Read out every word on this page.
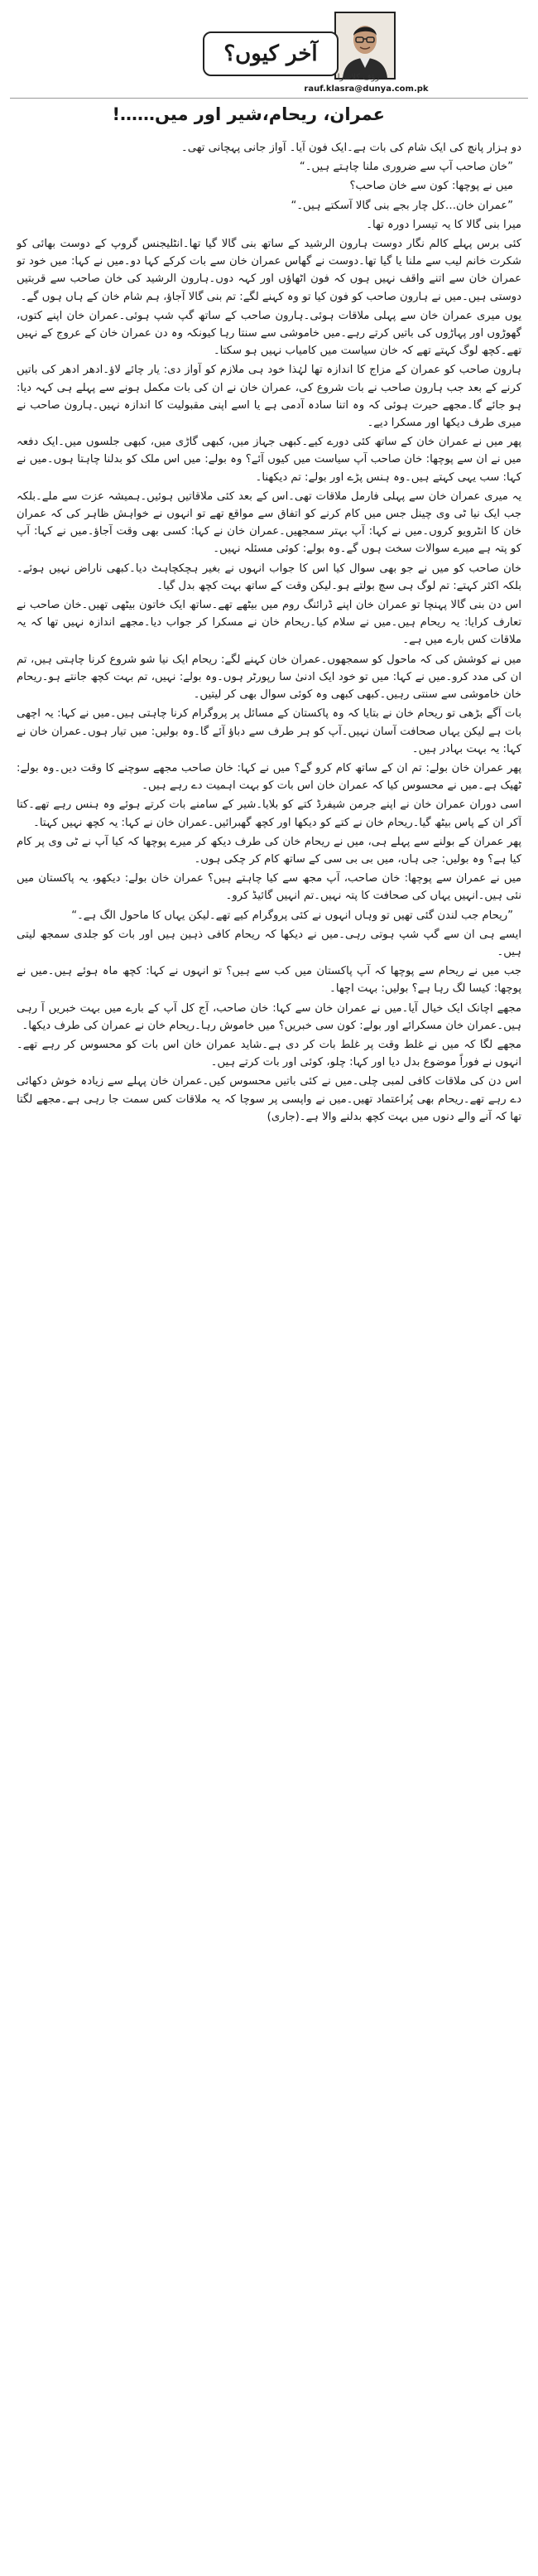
آخر کیوں؟
رؤف کلاسرا
rauf.klasra@dunya.com.pk
عمران، ریحام،شیر اور میں……!

دو ہزار پانچ کی ایک شام کی بات ہے۔ایک فون آیا۔ آواز جانی پہچانی تھی۔

”خان صاحب آپ سے ضروری ملنا چاہتے ہیں۔“

میں نے پوچھا: کون سے خان صاحب؟

”عمران خان…کل چار بجے بنی گالا آسکتے ہیں۔“

میرا بنی گالا کا یہ تیسرا دورہ تھا۔

کئی برس پہلے کالم نگار دوست ہارون الرشید کے ساتھ بنی گالا گیا تھا۔انٹلیجنس گروپ کے دوست بھائی کو شکرت خانم لیب سے ملنا یا گیا تھا۔دوست نے گھاس عمران خان سے بات کرکے کہا دو۔میں نے کہا: میں خود تو عمران خان سے اتنے واقف نہیں ہوں کہ فون اٹھاؤں اور کہہ دوں۔ہارون الرشید کی خان صاحب سے قربتیں دوستی ہیں۔میں نے ہارون صاحب کو فون کیا تو وہ کہنے لگے: تم بنی گالا آجاؤ، ہم شام خان کے ہاں ہوں گے۔

یوں میری عمران خان سے پہلی ملاقات ہوئی۔ہارون صاحب کے ساتھ گپ شپ ہوئی۔عمران خان اپنے کتوں، گھوڑوں اور پہاڑوں کی باتیں کرتے رہے۔میں خاموشی سے سنتا رہا کیونکہ وہ دن عمران خان کے عروج کے نہیں تھے۔کچھ لوگ کہتے تھے کہ خان سیاست میں کامیاب نہیں ہو سکتا۔

ہارون صاحب کو عمران کے مزاج کا اندازہ تھا لہٰذا خود ہی ملازم کو آواز دی: یار چائے لاؤ۔ادھر ادھر کی باتیں کرنے کے بعد جب ہارون صاحب نے بات شروع کی، عمران خان نے ان کی بات مکمل ہونے سے پہلے ہی کہہ دیا: ہو جائے گا۔مجھے حیرت ہوئی کہ وہ اتنا سادہ آدمی ہے یا اسے اپنی مقبولیت کا اندازہ نہیں۔ہارون صاحب نے میری طرف دیکھا اور مسکرا دیے۔

پھر میں نے عمران خان کے ساتھ کئی دورے کیے۔کبھی جہاز میں، کبھی گاڑی میں، کبھی جلسوں میں۔ایک دفعہ میں نے ان سے پوچھا: خان صاحب آپ سیاست میں کیوں آئے؟ وہ بولے: میں اس ملک کو بدلنا چاہتا ہوں۔میں نے کہا: سب یہی کہتے ہیں۔وہ ہنس پڑے اور بولے: تم دیکھنا۔

یہ میری عمران خان سے پہلی فارمل ملاقات تھی۔اس کے بعد کئی ملاقاتیں ہوئیں۔ہمیشہ عزت سے ملے۔بلکہ جب ایک نیا ٹی وی چینل جس میں کام کرنے کو اتفاق سے مواقع تھے تو انہوں نے خواہش ظاہر کی کہ عمران خان کا انٹرویو کروں۔میں نے کہا: آپ بہتر سمجھیں۔عمران خان نے کہا: کسی بھی وقت آجاؤ۔میں نے کہا: آپ کو پتہ ہے میرے سوالات سخت ہوں گے۔وہ بولے: کوئی مسئلہ نہیں۔

خان صاحب کو میں نے جو بھی سوال کیا اس کا جواب انہوں نے بغیر ہچکچاہٹ دیا۔کبھی ناراض نہیں ہوئے۔بلکہ اکثر کہتے: تم لوگ ہی سچ بولتے ہو۔لیکن وقت کے ساتھ بہت کچھ بدل گیا۔

اس دن بنی گالا پہنچا تو عمران خان اپنے ڈرائنگ روم میں بیٹھے تھے۔ساتھ ایک خاتون بیٹھی تھیں۔خان صاحب نے تعارف کرایا: یہ ریحام ہیں۔میں نے سلام کیا۔ریحام خان نے مسکرا کر جواب دیا۔مجھے اندازہ نہیں تھا کہ یہ ملاقات کس بارے میں ہے۔

میں نے کوشش کی کہ ماحول کو سمجھوں۔عمران خان کہنے لگے: ریحام ایک نیا شو شروع کرنا چاہتی ہیں، تم ان کی مدد کرو۔میں نے کہا: میں تو خود ایک ادنیٰ سا رپورٹر ہوں۔وہ بولے: نہیں، تم بہت کچھ جانتے ہو۔ریحام خان خاموشی سے سنتی رہیں۔کبھی کبھی وہ کوئی سوال بھی کر لیتیں۔

بات آگے بڑھی تو ریحام خان نے بتایا کہ وہ پاکستان کے مسائل پر پروگرام کرنا چاہتی ہیں۔میں نے کہا: یہ اچھی بات ہے لیکن یہاں صحافت آسان نہیں۔آپ کو ہر طرف سے دباؤ آئے گا۔وہ بولیں: میں تیار ہوں۔عمران خان نے کہا: یہ بہت بہادر ہیں۔

پھر عمران خان بولے: تم ان کے ساتھ کام کرو گے؟ میں نے کہا: خان صاحب مجھے سوچنے کا وقت دیں۔وہ بولے: ٹھیک ہے۔میں نے محسوس کیا کہ عمران خان اس بات کو بہت اہمیت دے رہے ہیں۔

اسی دوران عمران خان نے اپنے جرمن شیفرڈ کتے کو بلایا۔شیر کے سامنے بات کرتے ہوئے وہ ہنس رہے تھے۔کتا آکر ان کے پاس بیٹھ گیا۔ریحام خان نے کتے کو دیکھا اور کچھ گھبرائیں۔عمران خان نے کہا: یہ کچھ نہیں کہتا۔

پھر عمران کے بولنے سے پہلے ہی، میں نے ریحام خان کی طرف دیکھ کر میرے پوچھا کہ کیا آپ نے ٹی وی پر کام کیا ہے؟ وہ بولیں: جی ہاں، میں بی بی سی کے ساتھ کام کر چکی ہوں۔

میں نے عمران سے پوچھا: خان صاحب، آپ مجھ سے کیا چاہتے ہیں؟ عمران خان بولے: دیکھو، یہ پاکستان میں نئی ہیں۔انہیں یہاں کی صحافت کا پتہ نہیں۔تم انہیں گائیڈ کرو۔

”ریحام جب لندن گئی تھیں تو وہاں انہوں نے کئی پروگرام کیے تھے۔لیکن یہاں کا ماحول الگ ہے۔“

ایسے ہی ان سے گپ شپ ہوتی رہی۔میں نے دیکھا کہ ریحام کافی ذہین ہیں اور بات کو جلدی سمجھ لیتی ہیں۔

جب میں نے ریحام سے پوچھا کہ آپ پاکستان میں کب سے ہیں؟ تو انہوں نے کہا: کچھ ماہ ہوئے ہیں۔میں نے پوچھا: کیسا لگ رہا ہے؟ بولیں: بہت اچھا۔

مجھے اچانک ایک خیال آیا۔میں نے عمران خان سے کہا: خان صاحب، آج کل آپ کے بارے میں بہت خبریں آ رہی ہیں۔عمران خان مسکرائے اور بولے: کون سی خبریں؟ میں خاموش رہا۔ریحام خان نے عمران کی طرف دیکھا۔

مجھے لگا کہ میں نے غلط وقت پر غلط بات کر دی ہے۔شاید عمران خان اس بات کو محسوس کر رہے تھے۔انہوں نے فوراً موضوع بدل دیا اور کہا: چلو، کوئی اور بات کرتے ہیں۔

اس دن کی ملاقات کافی لمبی چلی۔میں نے کئی باتیں محسوس کیں۔عمران خان پہلے سے زیادہ خوش دکھائی دے رہے تھے۔ریحام بھی پُراعتماد تھیں۔میں نے واپسی پر سوچا کہ یہ ملاقات کس سمت جا رہی ہے۔مجھے لگتا تھا کہ آنے والے دنوں میں بہت کچھ بدلنے والا ہے۔(جاری)
